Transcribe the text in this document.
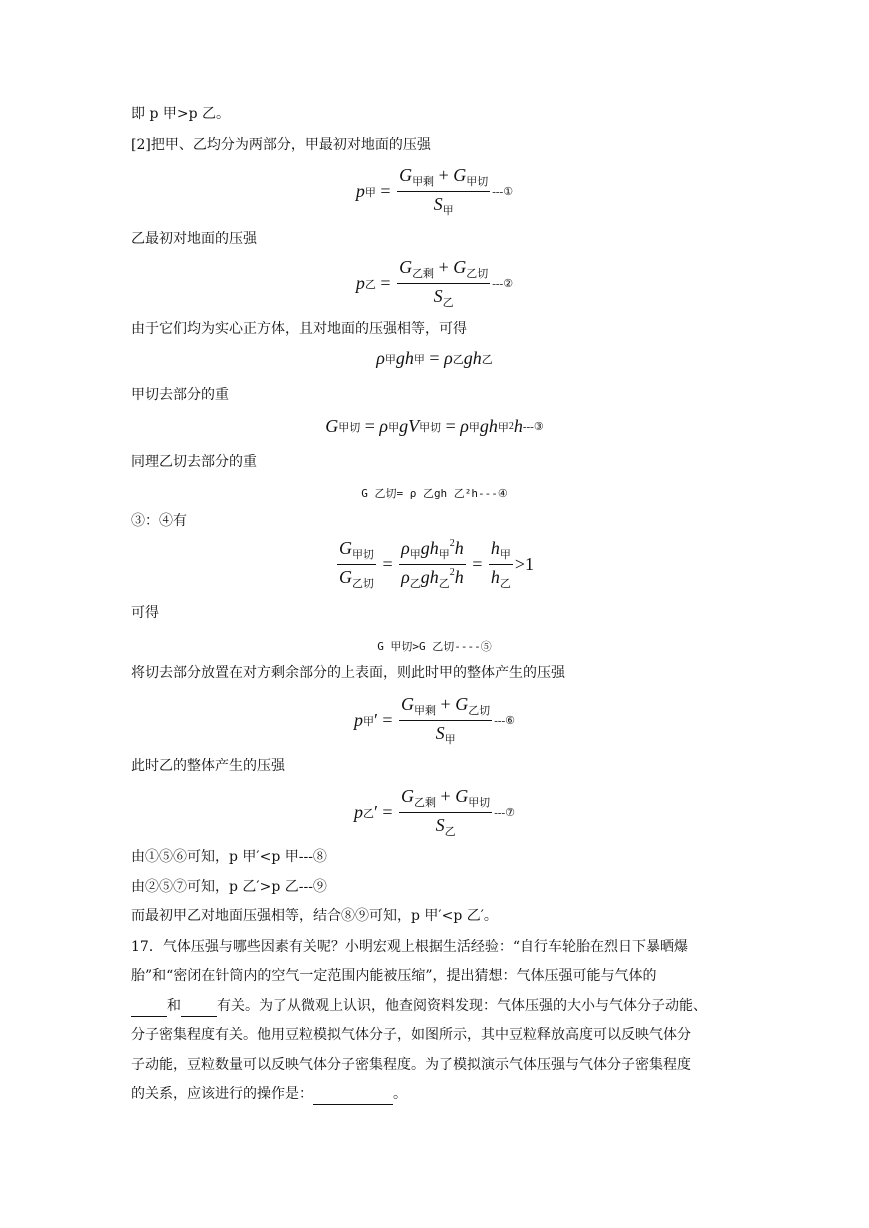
即 p 甲>p 乙。
[2]把甲、乙均分为两部分，甲最初对地面的压强
p 甲 = $\frac{G_{甲剩} + G_{甲切}}{S_甲}$ ---①
乙最初对地面的压强
p 乙 = $\frac{G_{乙剩} + G_{乙切}}{S_乙}$ ---②
由于它们均为实心正方体，且对地面的压强相等，可得
ρ 甲 gh 甲 = ρ 乙 gh 乙
甲切去部分的重
G 甲切 = ρ 甲 gV 甲切 = ρ 甲 gh 甲 2 h ---③
同理乙切去部分的重
G 乙切= ρ 乙gh 乙²h---④
③：④有
$\frac{G_{甲切}}{G_{乙切}} = \frac{\rho_甲gh_甲^2h}{\rho_乙gh_乙^2h} = \frac{h_甲}{h_乙} >1$
可得
G 甲切>G 乙切----⑤
将切去部分放置在对方剩余部分的上表面，则此时甲的整体产生的压强
p 甲 ′ = $\frac{G_{甲剩} + G_{乙切}}{S_甲}$ ---⑥
此时乙的整体产生的压强
p 乙 ′ = $\frac{G_{乙剩} + G_{甲切}}{S_乙}$ ---⑦
由①⑤⑥可知，p 甲′<p 甲---⑧
由②⑤⑦可知，p 乙′>p 乙---⑨
而最初甲乙对地面压强相等，结合⑧⑨可知，p 甲′<p 乙′。
17．气体压强与哪些因素有关呢？小明宏观上根据生活经验：“自行车轮胎在烈日下暴晒爆
胎”和“密闭在针筒内的空气一定范围内能被压缩”，提出猜想：气体压强可能与气体的
和	有关。为了从微观上认识，他查阅资料发现：气体压强的大小与气体分子动能、
分子密集程度有关。他用豆粒模拟气体分子，如图所示，其中豆粒释放高度可以反映气体分
子动能，豆粒数量可以反映气体分子密集程度。为了模拟演示气体压强与气体分子密集程度
的关系，应该进行的操作是：	。
